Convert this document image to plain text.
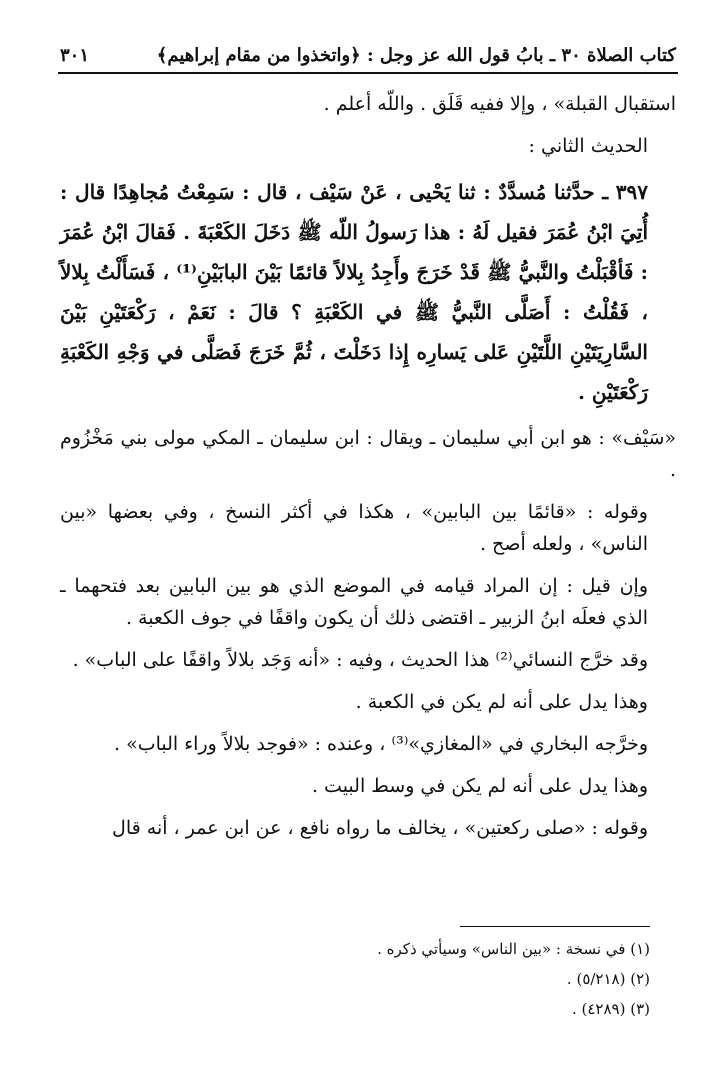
كتاب الصلاة ٣٠ ـ بابُ قول الله عز وجل : ﴿واتخذوا من مقام إبراهيم﴾
٣٠١

استقبال القبلة» ، وإلا ففيه قَلَق . واللّه أعلم .

الحديث الثاني :

٣٩٧ ـ حدَّثنا مُسدَّدٌ : ثنا يَحْيى ، عَنْ سَيْف ، قال : سَمِعْتُ مُجاهِدًا قال : أُتِيَ ابْنُ عُمَرَ فقيل لَهُ : هذا رَسولُ اللّه ﷺ دَخَلَ الكَعْبَةَ . فَقالَ ابْنُ عُمَرَ : فَأقْبَلْتُ والنَّبيُّ ﷺ قَدْ خَرَجَ وأَجِدُ بِلالاً قائمًا بَيْنَ البابَيْنِ⁽¹⁾ ، فَسَأَلْتُ بِلالاً ، فَقُلْتُ : أَصَلَّى النَّبيُّ ﷺ في الكَعْبَةِ ؟ قالَ : نَعَمْ ، رَكْعَتَيْنِ بَيْنَ السَّارِيَتَيْنِ اللَّتَيْنِ عَلى يَسارِه إِذا دَخَلْتَ ، ثُمَّ خَرَجَ فَصَلَّى في وَجْهِ الكَعْبَةِ رَكْعَتَيْنِ .

«سَيْف» : هو ابن أبي سليمان ـ ويقال : ابن سليمان ـ المكي مولى بني مَخْزُوم .

وقوله : «قائمًا بين البابين» ، هكذا في أكثر النسخ ، وفي بعضها «بين الناس» ، ولعله أصح .

وإن قيل : إن المراد قيامه في الموضع الذي هو بين البابين بعد فتحهما ـ الذي فعلَه ابنُ الزبير ـ اقتضى ذلك أن يكون واقفًا في جوف الكعبة .

وقد خرَّج النسائي⁽²⁾ هذا الحديث ، وفيه : «أنه وَجَد بلالاً واقفًا على الباب» .

وهذا يدل على أنه لم يكن في الكعبة .

وخرَّجه البخاري في «المغازي»⁽³⁾ ، وعنده : «فوجد بلالاً وراء الباب» .

وهذا يدل على أنه لم يكن في وسط البيت .

وقوله : «صلى ركعتين» ، يخالف ما رواه نافع ، عن ابن عمر ، أنه قال

(١) في نسخة : «بين الناس» وسيأتي ذكره .
(٢) (٥/٢١٨) .
(٣) (٤٢٨٩) .
